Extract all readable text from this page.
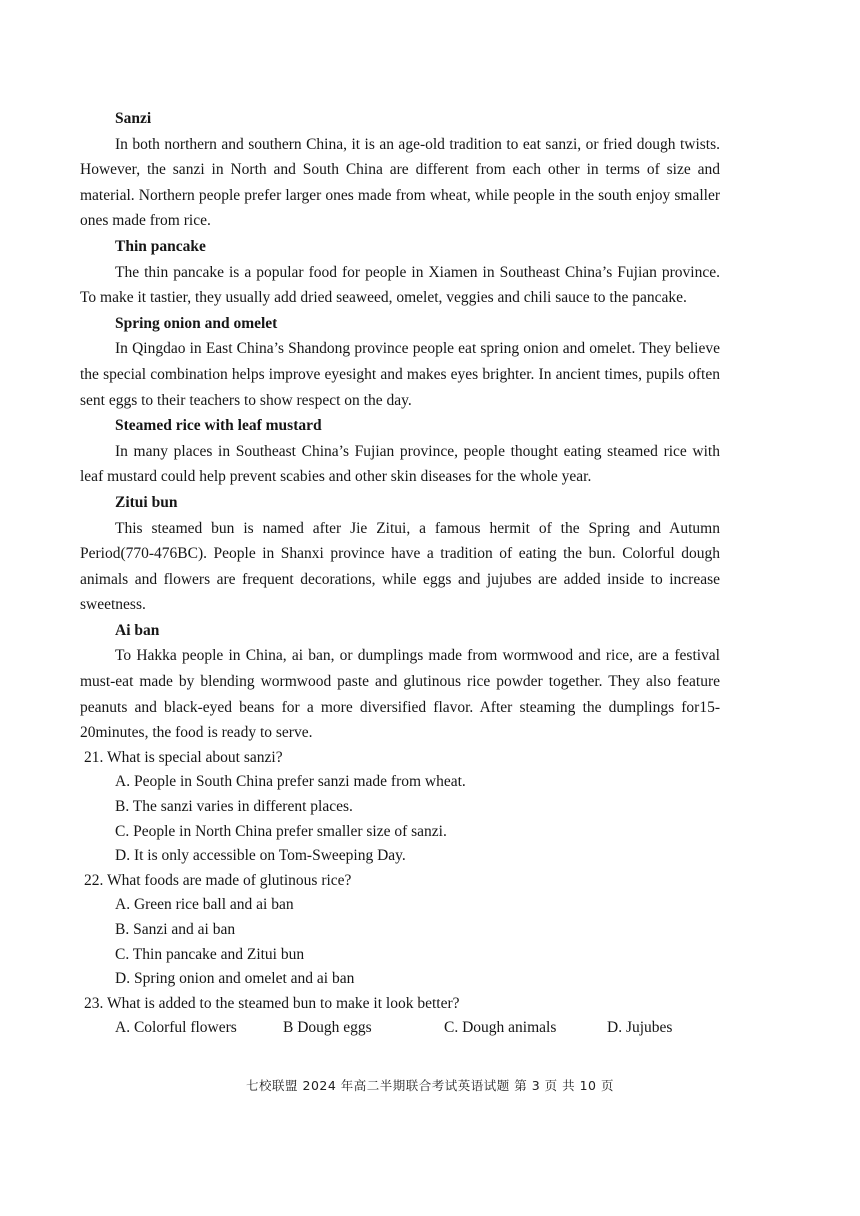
Sanzi

In both northern and southern China, it is an age-old tradition to eat sanzi, or fried dough twists. However, the sanzi in North and South China are different from each other in terms of size and material. Northern people prefer larger ones made from wheat, while people in the south enjoy smaller ones made from rice.

Thin pancake

The thin pancake is a popular food for people in Xiamen in Southeast China’s Fujian province. To make it tastier, they usually add dried seaweed, omelet, veggies and chili sauce to the pancake.

Spring onion and omelet

In Qingdao in East China’s Shandong province people eat spring onion and omelet. They believe the special combination helps improve eyesight and makes eyes brighter. In ancient times, pupils often sent eggs to their teachers to show respect on the day.

Steamed rice with leaf mustard

In many places in Southeast China’s Fujian province, people thought eating steamed rice with leaf mustard could help prevent scabies and other skin diseases for the whole year.

Zitui bun

This steamed bun is named after Jie Zitui, a famous hermit of the Spring and Autumn Period(770-476BC). People in Shanxi province have a tradition of eating the bun. Colorful dough animals and flowers are frequent decorations, while eggs and jujubes are added inside to increase sweetness.

Ai ban

To Hakka people in China, ai ban, or dumplings made from wormwood and rice, are a festival must-eat made by blending wormwood paste and glutinous rice powder together. They also feature peanuts and black-eyed beans for a more diversified flavor. After steaming the dumplings for15-20minutes, the food is ready to serve.

21. What is special about sanzi?

A. People in South China prefer sanzi made from wheat.

B. The sanzi varies in different places.

C. People in North China prefer smaller size of sanzi.

D. It is only accessible on Tom-Sweeping Day.

22. What foods are made of glutinous rice?

A. Green rice ball and ai ban

B. Sanzi and ai ban

C. Thin pancake and Zitui bun

D. Spring onion and omelet and ai ban

23. What is added to the steamed bun to make it look better?

A. Colorful flowers	B Dough eggs	C. Dough animals	D. Jujubes
七校联盟 2024 年高二半期联合考试英语试题 第 3 页 共 10 页
